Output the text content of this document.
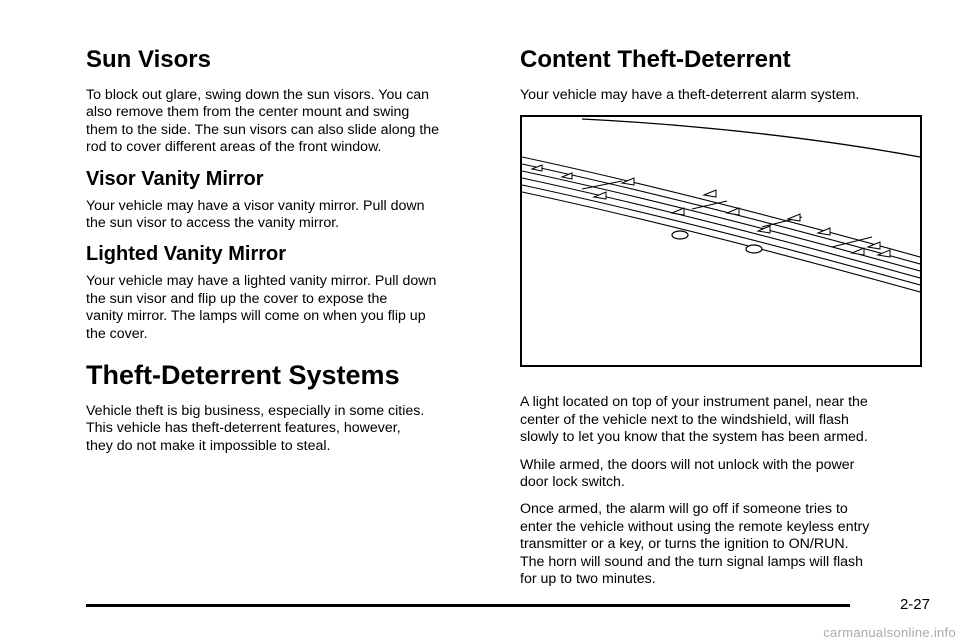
Sun Visors

To block out glare, swing down the sun visors. You can
also remove them from the center mount and swing
them to the side. The sun visors can also slide along the
rod to cover different areas of the front window.

Visor Vanity Mirror

Your vehicle may have a visor vanity mirror. Pull down
the sun visor to access the vanity mirror.

Lighted Vanity Mirror

Your vehicle may have a lighted vanity mirror. Pull down
the sun visor and flip up the cover to expose the
vanity mirror. The lamps will come on when you flip up
the cover.

Theft-Deterrent Systems

Vehicle theft is big business, especially in some cities.
This vehicle has theft-deterrent features, however,
they do not make it impossible to steal.

Content Theft-Deterrent

Your vehicle may have a theft-deterrent alarm system.

A light located on top of your instrument panel, near the
center of the vehicle next to the windshield, will flash
slowly to let you know that the system has been armed.

While armed, the doors will not unlock with the power
door lock switch.

Once armed, the alarm will go off if someone tries to
enter the vehicle without using the remote keyless entry
transmitter or a key, or turns the ignition to ON/RUN.
The horn will sound and the turn signal lamps will flash
for up to two minutes.

2-27
carmanualsonline.info
